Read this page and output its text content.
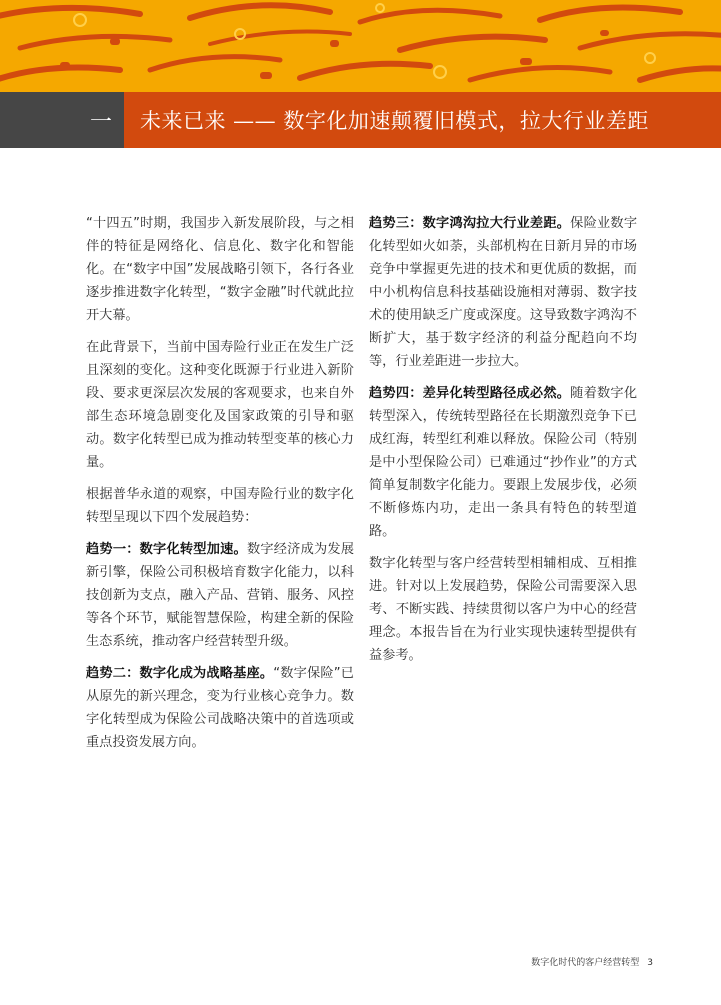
一	未来已来 —— 数字化加速颠覆旧模式，拉大行业差距

“十四五”时期，我国步入新发展阶段，与之相伴的特征是网络化、信息化、数字化和智能化。在“数字中国”发展战略引领下，各行各业逐步推进数字化转型，“数字金融”时代就此拉开大幕。

在此背景下，当前中国寿险行业正在发生广泛且深刻的变化。这种变化既源于行业进入新阶段、要求更深层次发展的客观要求，也来自外部生态环境急剧变化及国家政策的引导和驱动。数字化转型已成为推动转型变革的核心力量。

根据普华永道的观察，中国寿险行业的数字化转型呈现以下四个发展趋势：

趋势一：数字化转型加速。数字经济成为发展新引擎，保险公司积极培育数字化能力，以科技创新为支点，融入产品、营销、服务、风控等各个环节，赋能智慧保险，构建全新的保险生态系统，推动客户经营转型升级。

趋势二：数字化成为战略基座。“数字保险”已从原先的新兴理念，变为行业核心竞争力。数字化转型成为保险公司战略决策中的首选项或重点投资发展方向。

趋势三：数字鸿沟拉大行业差距。保险业数字化转型如火如荼，头部机构在日新月异的市场竞争中掌握更先进的技术和更优质的数据，而中小机构信息科技基础设施相对薄弱、数字技术的使用缺乏广度或深度。这导致数字鸿沟不断扩大，基于数字经济的利益分配趋向不均等，行业差距进一步拉大。

趋势四：差异化转型路径成必然。随着数字化转型深入，传统转型路径在长期激烈竞争下已成红海，转型红利难以释放。保险公司（特别是中小型保险公司）已难通过“抄作业”的方式简单复制数字化能力。要跟上发展步伐，必须不断修炼内功，走出一条具有特色的转型道路。

数字化转型与客户经营转型相辅相成、互相推进。针对以上发展趋势，保险公司需要深入思考、不断实践、持续贯彻以客户为中心的经营理念。本报告旨在为行业实现快速转型提供有益参考。

数字化时代的客户经营转型 3
